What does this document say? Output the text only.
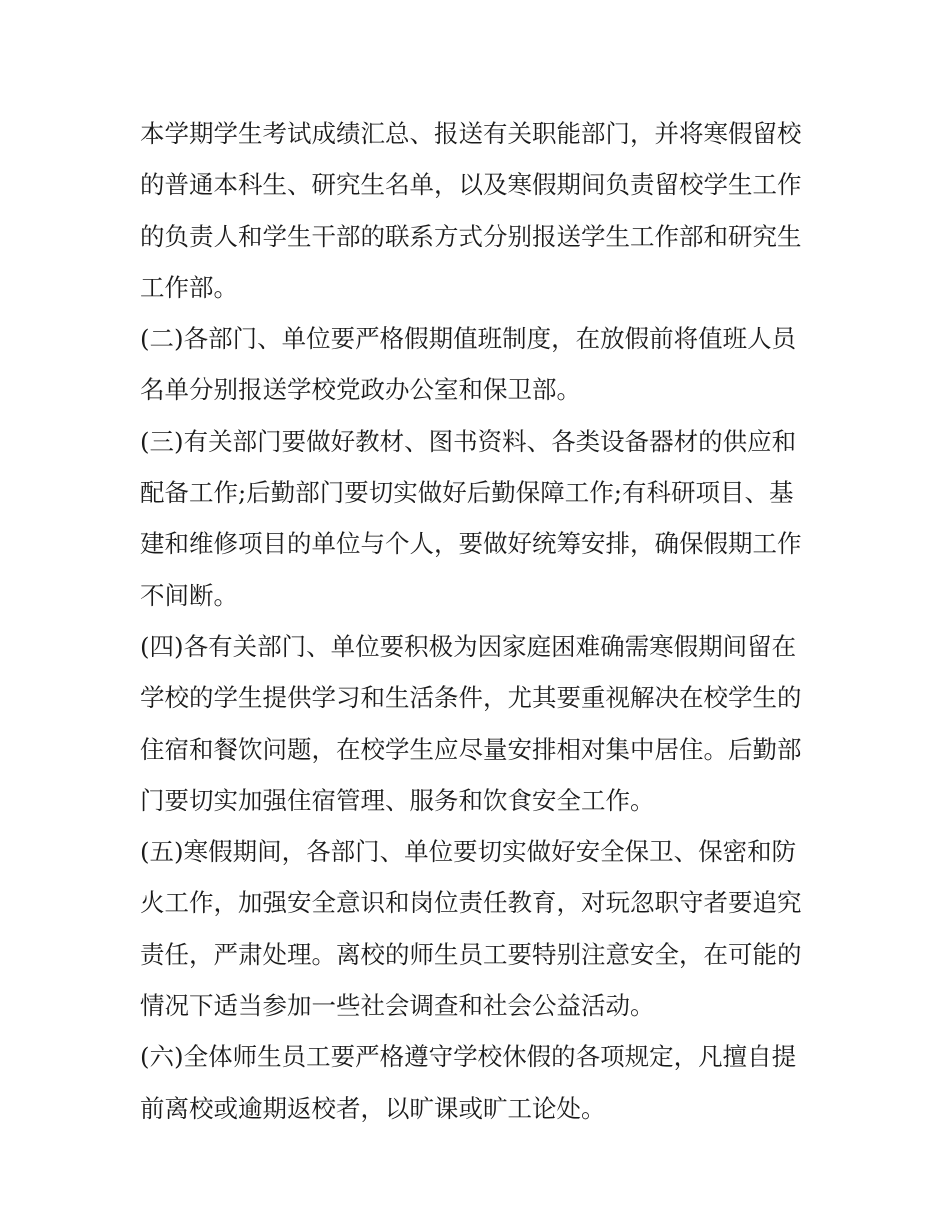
本学期学生考试成绩汇总、报送有关职能部门，并将寒假留校
的普通本科生、研究生名单，以及寒假期间负责留校学生工作
的负责人和学生干部的联系方式分别报送学生工作部和研究生
工作部。
(二)各部门、单位要严格假期值班制度，在放假前将值班人员
名单分别报送学校党政办公室和保卫部。
(三)有关部门要做好教材、图书资料、各类设备器材的供应和
配备工作;后勤部门要切实做好后勤保障工作;有科研项目、基
建和维修项目的单位与个人，要做好统筹安排，确保假期工作
不间断。
(四)各有关部门、单位要积极为因家庭困难确需寒假期间留在
学校的学生提供学习和生活条件，尤其要重视解决在校学生的
住宿和餐饮问题，在校学生应尽量安排相对集中居住。后勤部
门要切实加强住宿管理、服务和饮食安全工作。
(五)寒假期间，各部门、单位要切实做好安全保卫、保密和防
火工作，加强安全意识和岗位责任教育，对玩忽职守者要追究
责任，严肃处理。离校的师生员工要特别注意安全，在可能的
情况下适当参加一些社会调查和社会公益活动。
(六)全体师生员工要严格遵守学校休假的各项规定，凡擅自提
前离校或逾期返校者，以旷课或旷工论处。
